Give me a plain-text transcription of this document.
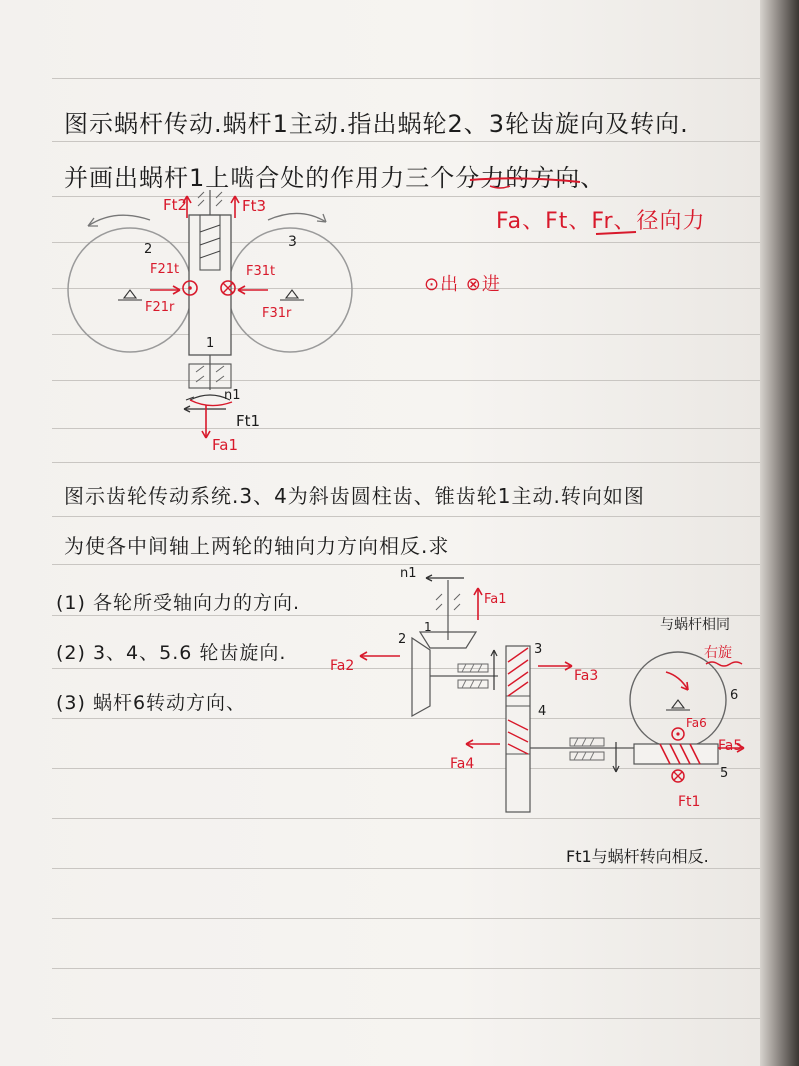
图示蜗杆传动.蜗杆1主动.指出蜗轮2、3轮齿旋向及转向.
并画出蜗杆1上啮合处的作用力三个分力的方向、
Fa、Ft、Fr、径向力
⊙出 ⊗进
Ft2	Ft3
F21t	F31t
F21r	F31r
2	3
1
n1
Ft1
Fa1
图示齿轮传动系统.3、4为斜齿圆柱齿、锥齿轮1主动.转向如图
为使各中间轴上两轮的轴向力方向相反.求
(1) 各轮所受轴向力的方向.
(2) 3、4、5.6 轮齿旋向.
(3) 蜗杆6转动方向、
n1
Fa1
1
2
Fa2
3
Fa3
4
Fa4
5
6
Fa6
Fa5
Ft1
与蜗杆相同
右旋
Ft1与蜗杆转向相反.
